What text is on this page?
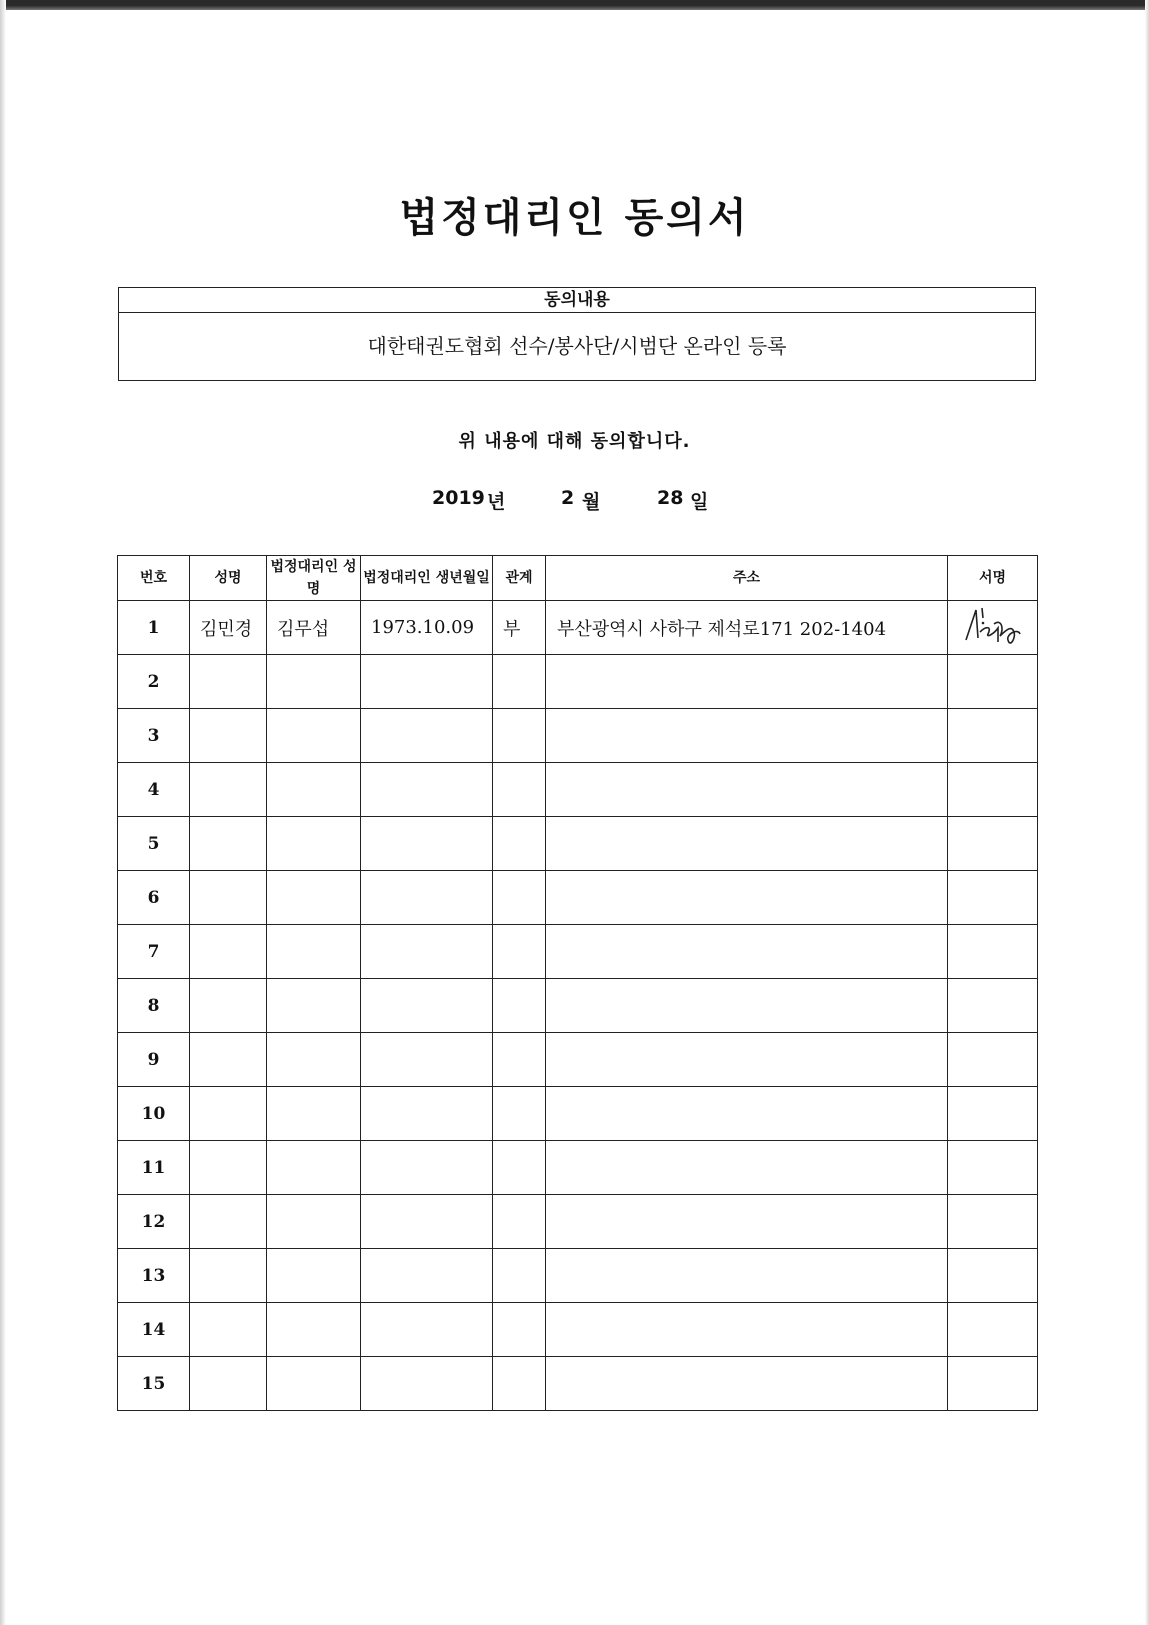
법정대리인 동의서
동의내용
대한태권도협회 선수/봉사단/시범단 온라인 등록
위 내용에 대해 동의합니다.
2019 년	2 월	28 일
번호	성명	법정대리인 성명	법정대리인 생년월일	관계	주소	서명
1	김민경	김무섭	1973.10.09	부	부산광역시 사하구 제석로171 202-1404	

2						
3						
4						
5						
6						
7						
8						
9						
10						
11						
12						
13						
14						
15						
